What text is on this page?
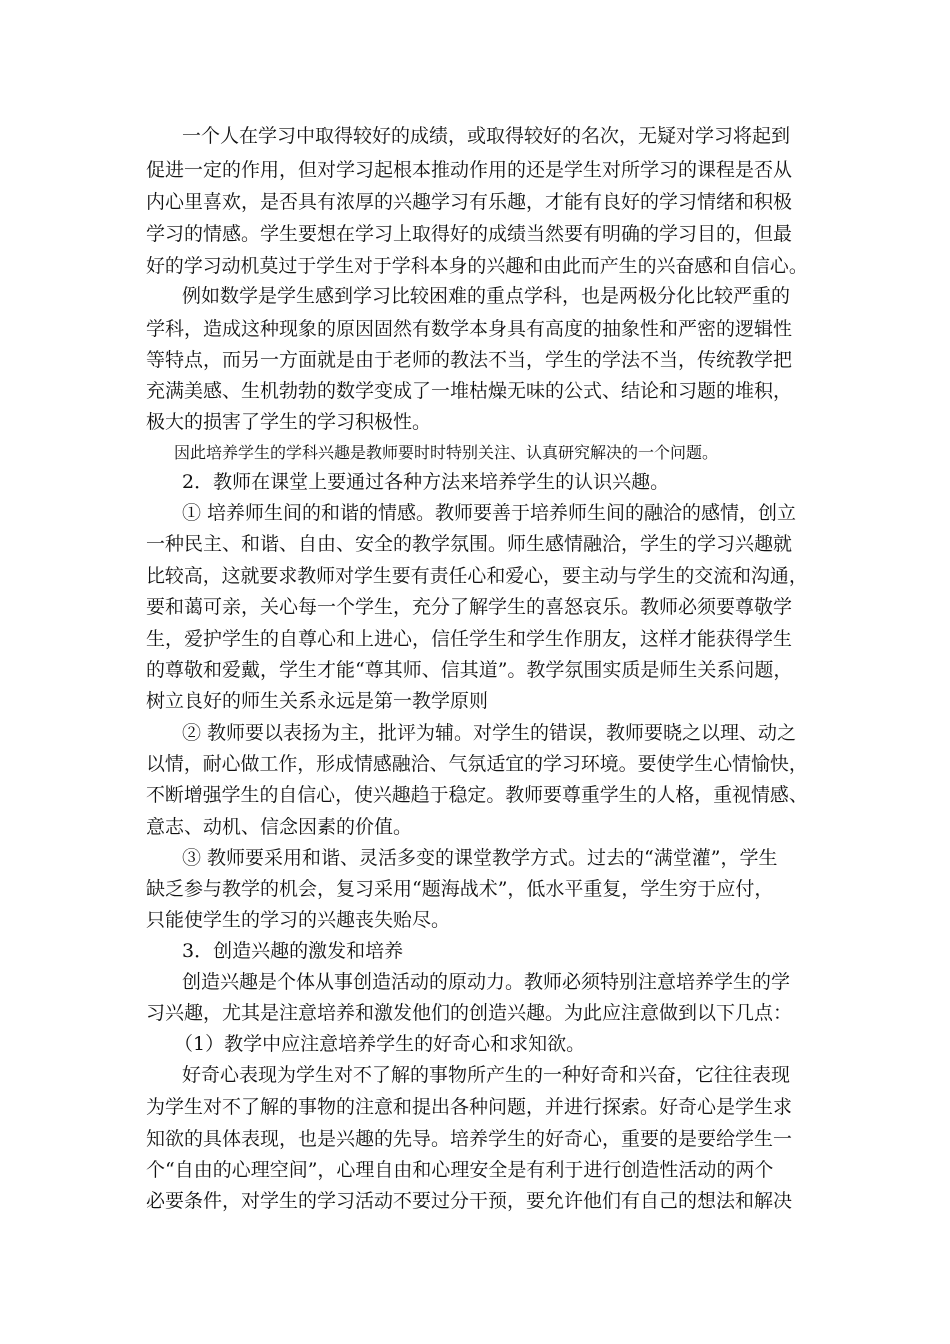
一个人在学习中取得较好的成绩，或取得较好的名次，无疑对学习将起到
促进一定的作用，但对学习起根本推动作用的还是学生对所学习的课程是否从
内心里喜欢，是否具有浓厚的兴趣学习有乐趣，才能有良好的学习情绪和积极
学习的情感。学生要想在学习上取得好的成绩当然要有明确的学习目的，但最
好的学习动机莫过于学生对于学科本身的兴趣和由此而产生的兴奋感和自信心。
例如数学是学生感到学习比较困难的重点学科，也是两极分化比较严重的
学科，造成这种现象的原因固然有数学本身具有高度的抽象性和严密的逻辑性
等特点，而另一方面就是由于老师的教法不当，学生的学法不当，传统教学把
充满美感、生机勃勃的数学变成了一堆枯燥无味的公式、结论和习题的堆积，
极大的损害了学生的学习积极性。
因此培养学生的学科兴趣是教师要时时特别关注、认真研究解决的一个问题。
2．教师在课堂上要通过各种方法来培养学生的认识兴趣。
① 培养师生间的和谐的情感。教师要善于培养师生间的融洽的感情，创立
一种民主、和谐、自由、安全的教学氛围。师生感情融洽，学生的学习兴趣就
比较高，这就要求教师对学生要有责任心和爱心，要主动与学生的交流和沟通，
要和蔼可亲，关心每一个学生，充分了解学生的喜怒哀乐。教师必须要尊敬学
生，爱护学生的自尊心和上进心，信任学生和学生作朋友，这样才能获得学生
的尊敬和爱戴，学生才能“尊其师、信其道”。教学氛围实质是师生关系问题，
树立良好的师生关系永远是第一教学原则
② 教师要以表扬为主，批评为辅。对学生的错误，教师要晓之以理、动之
以情，耐心做工作，形成情感融洽、气氛适宜的学习环境。要使学生心情愉快，
不断增强学生的自信心，使兴趣趋于稳定。教师要尊重学生的人格，重视情感、
意志、动机、信念因素的价值。
③ 教师要采用和谐、灵活多变的课堂教学方式。过去的“满堂灌”，学生
缺乏参与教学的机会，复习采用“题海战术”，低水平重复，学生穷于应付，
只能使学生的学习的兴趣丧失贻尽。
3．创造兴趣的激发和培养
创造兴趣是个体从事创造活动的原动力。教师必须特别注意培养学生的学
习兴趣，尤其是注意培养和激发他们的创造兴趣。为此应注意做到以下几点：
（1）教学中应注意培养学生的好奇心和求知欲。
好奇心表现为学生对不了解的事物所产生的一种好奇和兴奋，它往往表现
为学生对不了解的事物的注意和提出各种问题，并进行探索。好奇心是学生求
知欲的具体表现，也是兴趣的先导。培养学生的好奇心，重要的是要给学生一
个“自由的心理空间”，心理自由和心理安全是有利于进行创造性活动的两个
必要条件，对学生的学习活动不要过分干预，要允许他们有自己的想法和解决
